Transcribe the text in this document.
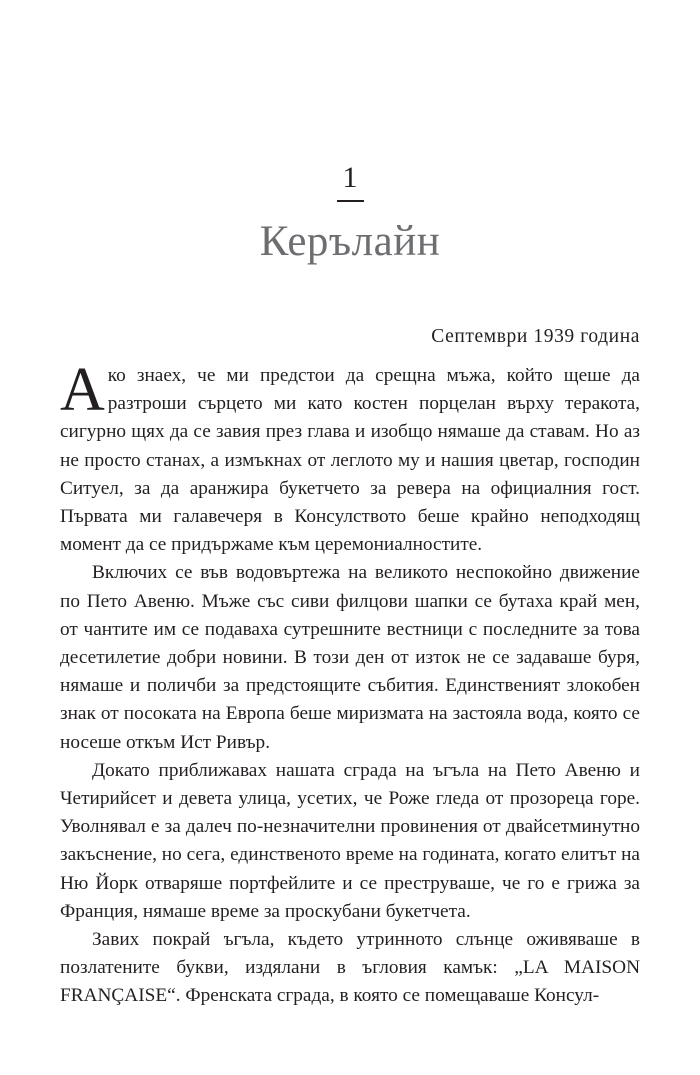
1
Керълайн
Септември 1939 година

Ако знаех, че ми предстои да срещна мъжа, който щеше да разтроши сърцето ми като костен порцелан върху теракота, сигурно щях да се завия през глава и изобщо нямаше да ставам. Но аз не просто станах, а измъкнах от леглото му и нашия цветар, господин Ситуел, за да аранжира букетчето за ревера на официалния гост. Първата ми галавечеря в Консулството беше крайно неподходящ момент да се придържаме към церемониалностите.

Включих се във водовъртежа на великото неспокойно движение по Пето Авеню. Мъже със сиви филцови шапки се бутаха край мен, от чантите им се подаваха сутрешните вестници с последните за това десетилетие добри новини. В този ден от изток не се задаваше буря, нямаше и поличби за предстоящите събития. Единственият злокобен знак от посоката на Европа беше миризмата на застояла вода, която се носеше откъм Ист Ривър.

Докато приближавах нашата сграда на ъгъла на Пето Авеню и Четирийсет и девета улица, усетих, че Роже гледа от прозореца горе. Уволнявал е за далеч по-незначителни провинения от двайсетминутно закъснение, но сега, единственото време на годината, когато елитът на Ню Йорк отваряше портфейлите и се преструваше, че го е грижа за Франция, нямаше време за проскубани букетчета.

Завих покрай ъгъла, където утринното слънце оживяваше в позлатените букви, издялани в ъгловия камък: „LA MAISON FRANÇAISE“. Френската сграда, в която се помещаваше Консул-
